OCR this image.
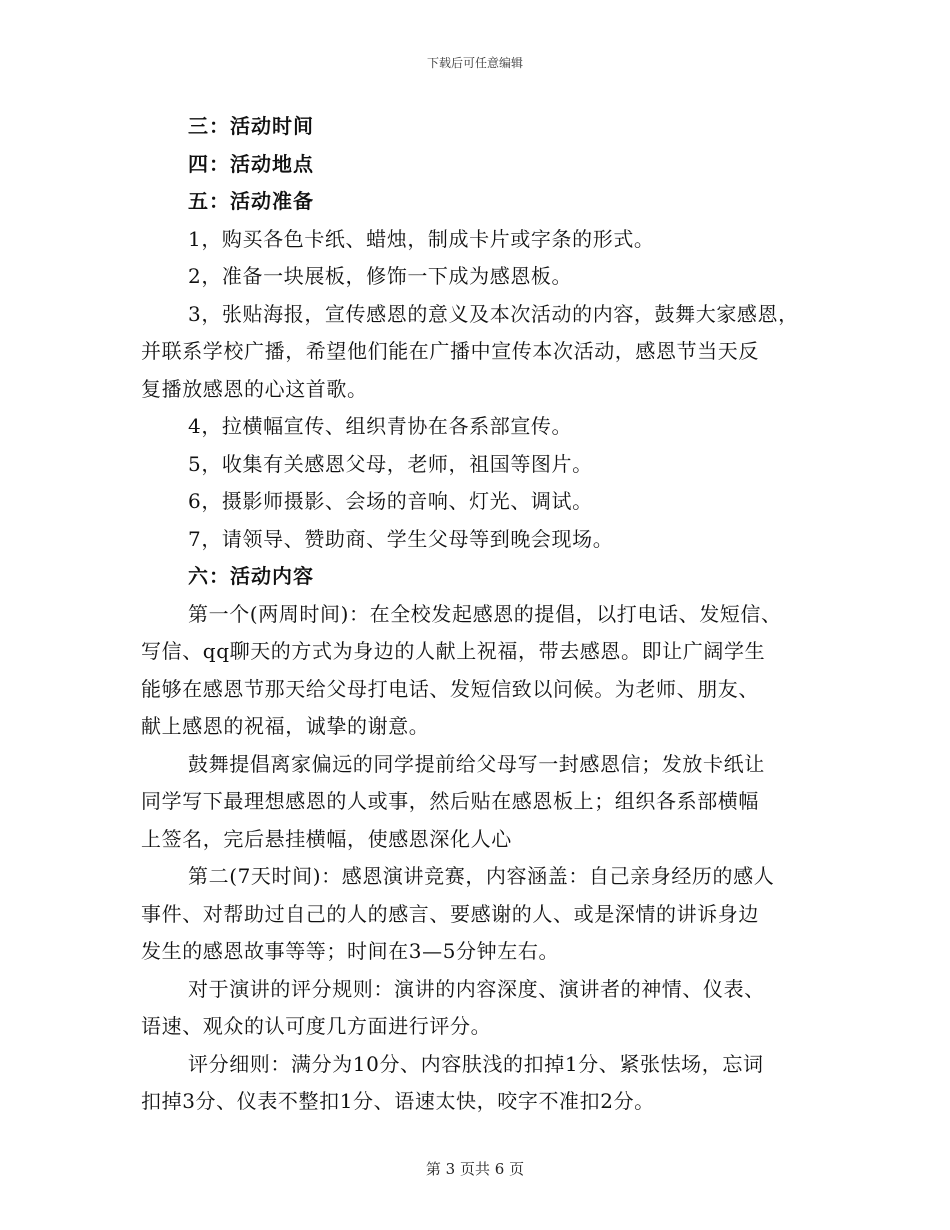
下载后可任意编辑
三：活动时间
四：活动地点
五：活动准备
1，购买各色卡纸、蜡烛，制成卡片或字条的形式。
2，准备一块展板，修饰一下成为感恩板。
3，张贴海报，宣传感恩的意义及本次活动的内容，鼓舞大家感恩，
并联系学校广播，希望他们能在广播中宣传本次活动，感恩节当天反
复播放感恩的心这首歌。
4，拉横幅宣传、组织青协在各系部宣传。
5，收集有关感恩父母，老师，祖国等图片。
6，摄影师摄影、会场的音响、灯光、调试。
7，请领导、赞助商、学生父母等到晚会现场。
六：活动内容
第一个(两周时间)：在全校发起感恩的提倡，以打电话、发短信、
写信、qq聊天的方式为身边的人献上祝福，带去感恩。即让广阔学生
能够在感恩节那天给父母打电话、发短信致以问候。为老师、朋友、
献上感恩的祝福，诚挚的谢意。
鼓舞提倡离家偏远的同学提前给父母写一封感恩信；发放卡纸让
同学写下最理想感恩的人或事，然后贴在感恩板上；组织各系部横幅
上签名，完后悬挂横幅，使感恩深化人心
第二(7天时间)：感恩演讲竞赛，内容涵盖：自己亲身经历的感人
事件、对帮助过自己的人的感言、要感谢的人、或是深情的讲诉身边
发生的感恩故事等等；时间在3—5分钟左右。
对于演讲的评分规则：演讲的内容深度、演讲者的神情、仪表、
语速、观众的认可度几方面进行评分。
评分细则：满分为10分、内容肤浅的扣掉1分、紧张怯场，忘词
扣掉3分、仪表不整扣1分、语速太快，咬字不准扣2分。
第 3 页共 6 页
